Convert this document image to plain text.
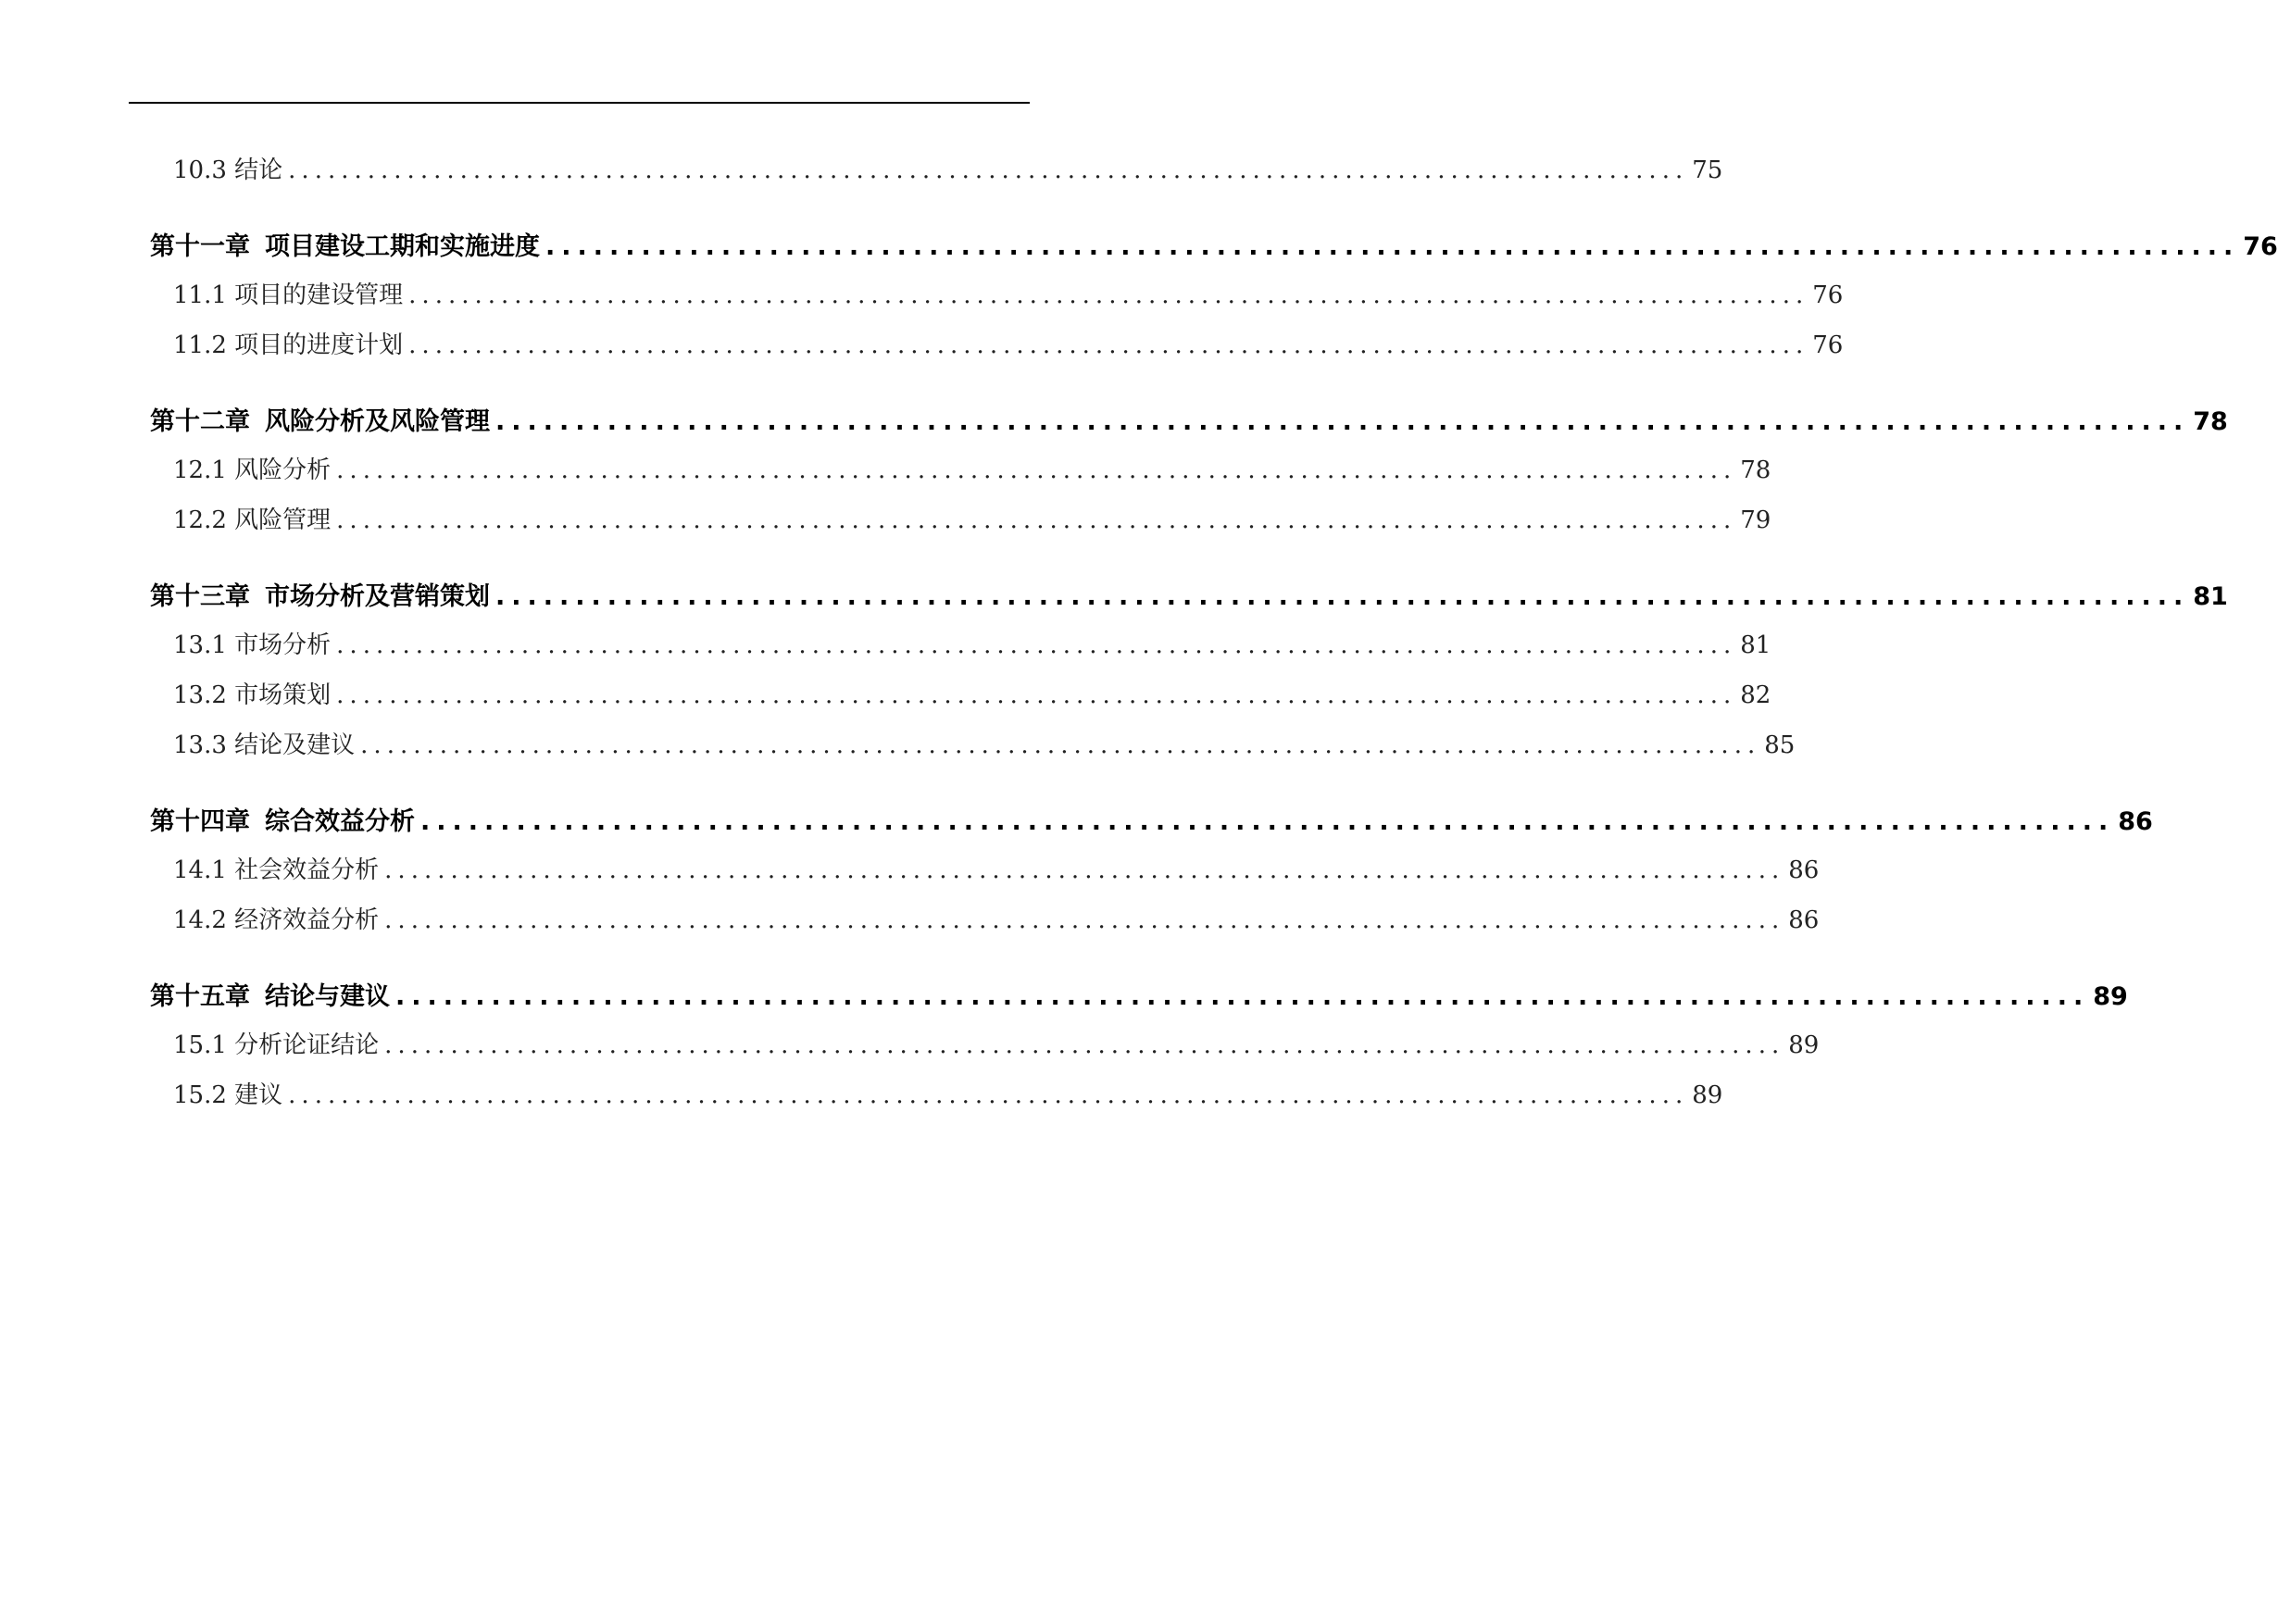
10.3 结论 .......................................................................................................... 75
第十一章 项目建设工期和实施进度 .......................................................................................................... 76
11.1 项目的建设管理 .......................................................................................................... 76
11.2 项目的进度计划 .......................................................................................................... 76
第十二章 风险分析及风险管理 .......................................................................................................... 78
12.1 风险分析 .......................................................................................................... 78
12.2 风险管理 .......................................................................................................... 79
第十三章 市场分析及营销策划 .......................................................................................................... 81
13.1 市场分析 .......................................................................................................... 81
13.2 市场策划 .......................................................................................................... 82
13.3 结论及建议 .......................................................................................................... 85
第十四章 综合效益分析 .......................................................................................................... 86
14.1 社会效益分析 .......................................................................................................... 86
14.2 经济效益分析 .......................................................................................................... 86
第十五章 结论与建议 .......................................................................................................... 89
15.1 分析论证结论 .......................................................................................................... 89
15.2 建议 .......................................................................................................... 89
